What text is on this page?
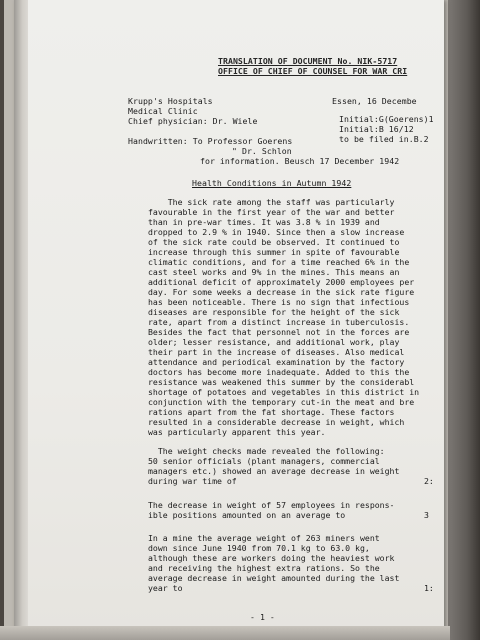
TRANSLATION OF DOCUMENT No. NIK-5717
OFFICE OF CHIEF OF COUNSEL FOR WAR CRI
Krupp's Hospitals
Medical Clinic
Chief physician: Dr. Wiele
Essen, 16 Decembe
Initial:G(Goerens)1
Initial:B 16/12
to be filed in.B.2
Handwritten: To Professor Goerens
" Dr. Schlon
for information. Beusch 17 December 1942
Health Conditions in Autumn 1942
The sick rate among the staff was particularly
favourable in the first year of the war and better
than in pre-war times. It was 3.8 % in 1939 and
dropped to 2.9 % in 1940. Since then a slow increase
of the sick rate could be observed. It continued to
increase through this summer in spite of favourable
climatic conditions, and for a time reached 6% in the
cast steel works and 9% in the mines. This means an
additional deficit of approximately 2000 employees per
day. For some weeks a decrease in the sick rate figure
has been noticeable. There is no sign that infectious
diseases are responsible for the height of the sick
rate, apart from a distinct increase in tuberculosis.
Besides the fact that personnel not in the forces are
older; lesser resistance, and additional work, play
their part in the increase of diseases. Also medical
attendance and periodical examination by the factory
doctors has become more inadequate. Added to this the
resistance was weakened this summer by the considerabl
shortage of potatoes and vegetables in this district in
conjunction with the temporary cut-in the meat and bre
rations apart from the fat shortage. These factors
resulted in a considerable decrease in weight, which
was particularly apparent this year.
The weight checks made revealed the following:
50 senior officials (plant managers, commercial
managers etc.) showed an average decrease in weight
during war time of	2:
The decrease in weight of 57 employees in respons-
ible positions amounted on an average to	3
In a mine the average weight of 263 miners went
down since June 1940 from 70.1 kg to 63.0 kg,
although these are workers doing the heaviest work
and receiving the highest extra rations. So the
average decrease in weight amounted during the last
year to	1:
- 1 -
